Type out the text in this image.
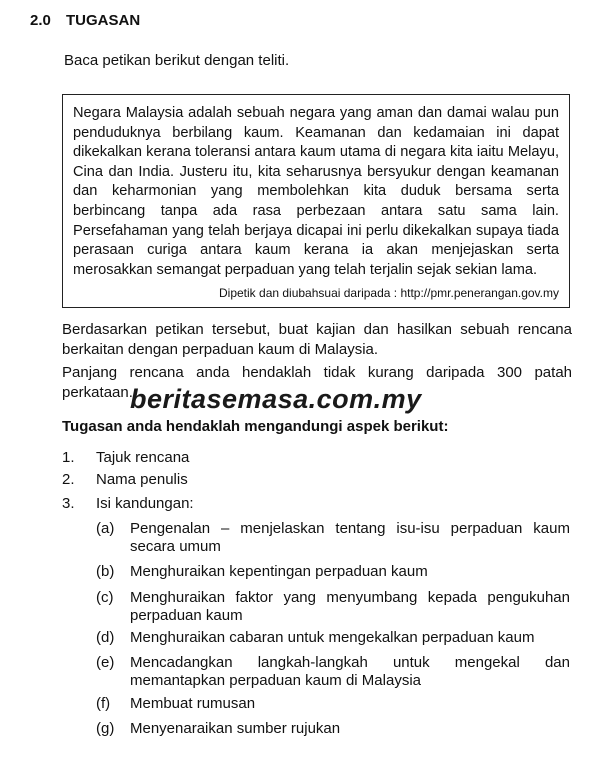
2.0 TUGASAN
Baca petikan berikut dengan teliti.

Negara Malaysia adalah sebuah negara yang aman dan damai walau pun penduduknya berbilang kaum. Keamanan dan kedamaian ini dapat dikekalkan kerana toleransi antara kaum utama di negara kita iaitu Melayu, Cina dan India. Justeru itu, kita seharusnya bersyukur dengan keamanan dan keharmonian yang membolehkan kita duduk bersama serta berbincang tanpa ada rasa perbezaan antara satu sama lain. Persefahaman yang telah berjaya dicapai ini perlu dikekalkan supaya tiada perasaan curiga antara kaum kerana ia akan menjejaskan serta merosakkan semangat perpaduan yang telah terjalin sejak sekian lama.

Dipetik dan diubahsuai daripada : http://pmr.penerangan.gov.my

Berdasarkan petikan tersebut, buat kajian dan hasilkan sebuah rencana berkaitan dengan perpaduan kaum di Malaysia.

Panjang rencana anda hendaklah tidak kurang daripada 300 patah perkataan.

beritasemasa.com.my
Tugasan anda hendaklah mengandungi aspek berikut:
1. Tajuk rencana
2. Nama penulis
3. Isi kandungan:
(a) Pengenalan – menjelaskan tentang isu-isu perpaduan kaum secara umum
(b) Menghuraikan kepentingan perpaduan kaum
(c) Menghuraikan faktor yang menyumbang kepada pengukuhan perpaduan kaum
(d) Menghuraikan cabaran untuk mengekalkan perpaduan kaum
(e) Mencadangkan langkah-langkah untuk mengekal dan memantapkan perpaduan kaum di Malaysia
(f) Membuat rumusan
(g) Menyenaraikan sumber rujukan
